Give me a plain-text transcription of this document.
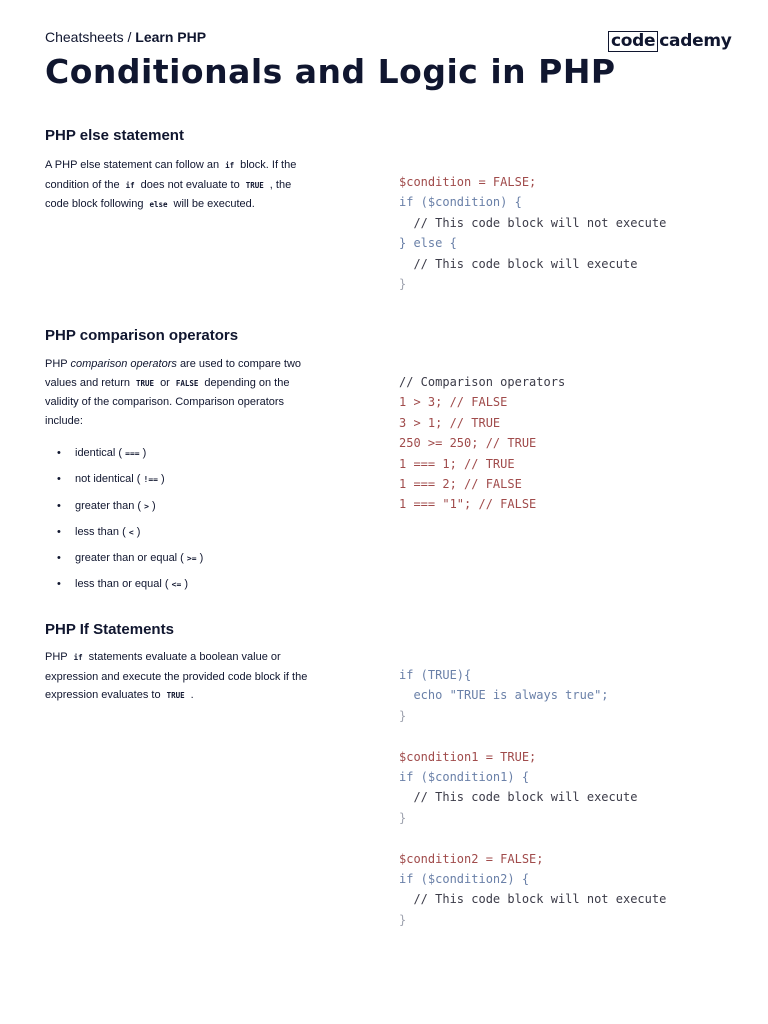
Cheatsheets / Learn PHP	code cademy
Conditionals and Logic in PHP
PHP else statement

A PHP else statement can follow an if block. If the condition of the if does not evaluate to TRUE , the code block following else will be executed.

$condition = FALSE;
if ($condition) {
// This code block will not execute
} else {
// This code block will execute
}
PHP comparison operators

PHP comparison operators are used to compare two values and return TRUE or FALSE depending on the validity of the comparison. Comparison operators include:

• identical ( === )
• not identical ( !== )
• greater than ( > )
• less than ( < )
• greater than or equal ( >= )
• less than or equal ( <= )
// Comparison operators
1 > 3; // FALSE
3 > 1; // TRUE
250 >= 250; // TRUE
1 === 1; // TRUE
1 === 2; // FALSE
1 === "1"; // FALSE
PHP If Statements

PHP if statements evaluate a boolean value or expression and execute the provided code block if the expression evaluates to TRUE .

if (TRUE){
echo "TRUE is always true";
}

$condition1 = TRUE;
if ($condition1) {
// This code block will execute
}

$condition2 = FALSE;
if ($condition2) {
// This code block will not execute
}
